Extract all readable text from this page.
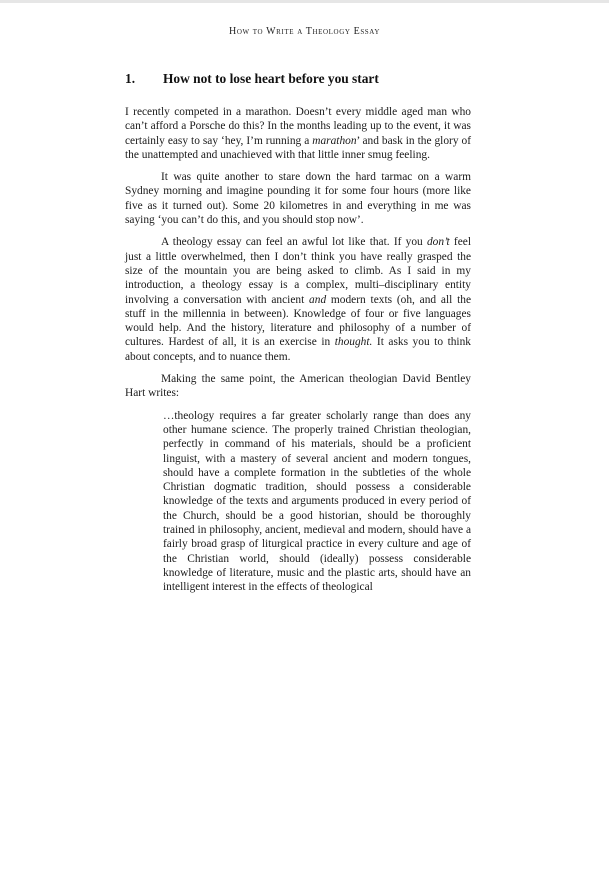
How to Write a Theology Essay
1. How not to lose heart before you start

I recently competed in a marathon. Doesn’t every middle aged man who can’t afford a Porsche do this? In the months leading up to the event, it was certainly easy to say ‘hey, I’m running a marathon’ and bask in the glory of the unattempted and unachieved with that little inner smug feeling.

It was quite another to stare down the hard tarmac on a warm Sydney morning and imagine pounding it for some four hours (more like five as it turned out). Some 20 kilometres in and everything in me was saying ‘you can’t do this, and you should stop now’.

A theology essay can feel an awful lot like that. If you don’t feel just a little overwhelmed, then I don’t think you have really grasped the size of the mountain you are being asked to climb. As I said in my introduction, a theology essay is a complex, multi–disciplinary entity involving a conversation with ancient and modern texts (oh, and all the stuff in the millennia in between). Knowledge of four or five languages would help. And the history, literature and philosophy of a number of cultures. Hardest of all, it is an exercise in thought. It asks you to think about concepts, and to nuance them.

Making the same point, the American theologian David Bentley Hart writes:

…theology requires a far greater scholarly range than does any other humane science. The properly trained Christian theologian, perfectly in command of his materials, should be a proficient linguist, with a mastery of several ancient and modern tongues, should have a complete formation in the subtleties of the whole Christian dogmatic tradition, should possess a considerable knowledge of the texts and arguments produced in every period of the Church, should be a good historian, should be thoroughly trained in philosophy, ancient, medieval and modern, should have a fairly broad grasp of liturgical practice in every culture and age of the Christian world, should (ideally) possess considerable knowledge of literature, music and the plastic arts, should have an intelligent interest in the effects of theological
